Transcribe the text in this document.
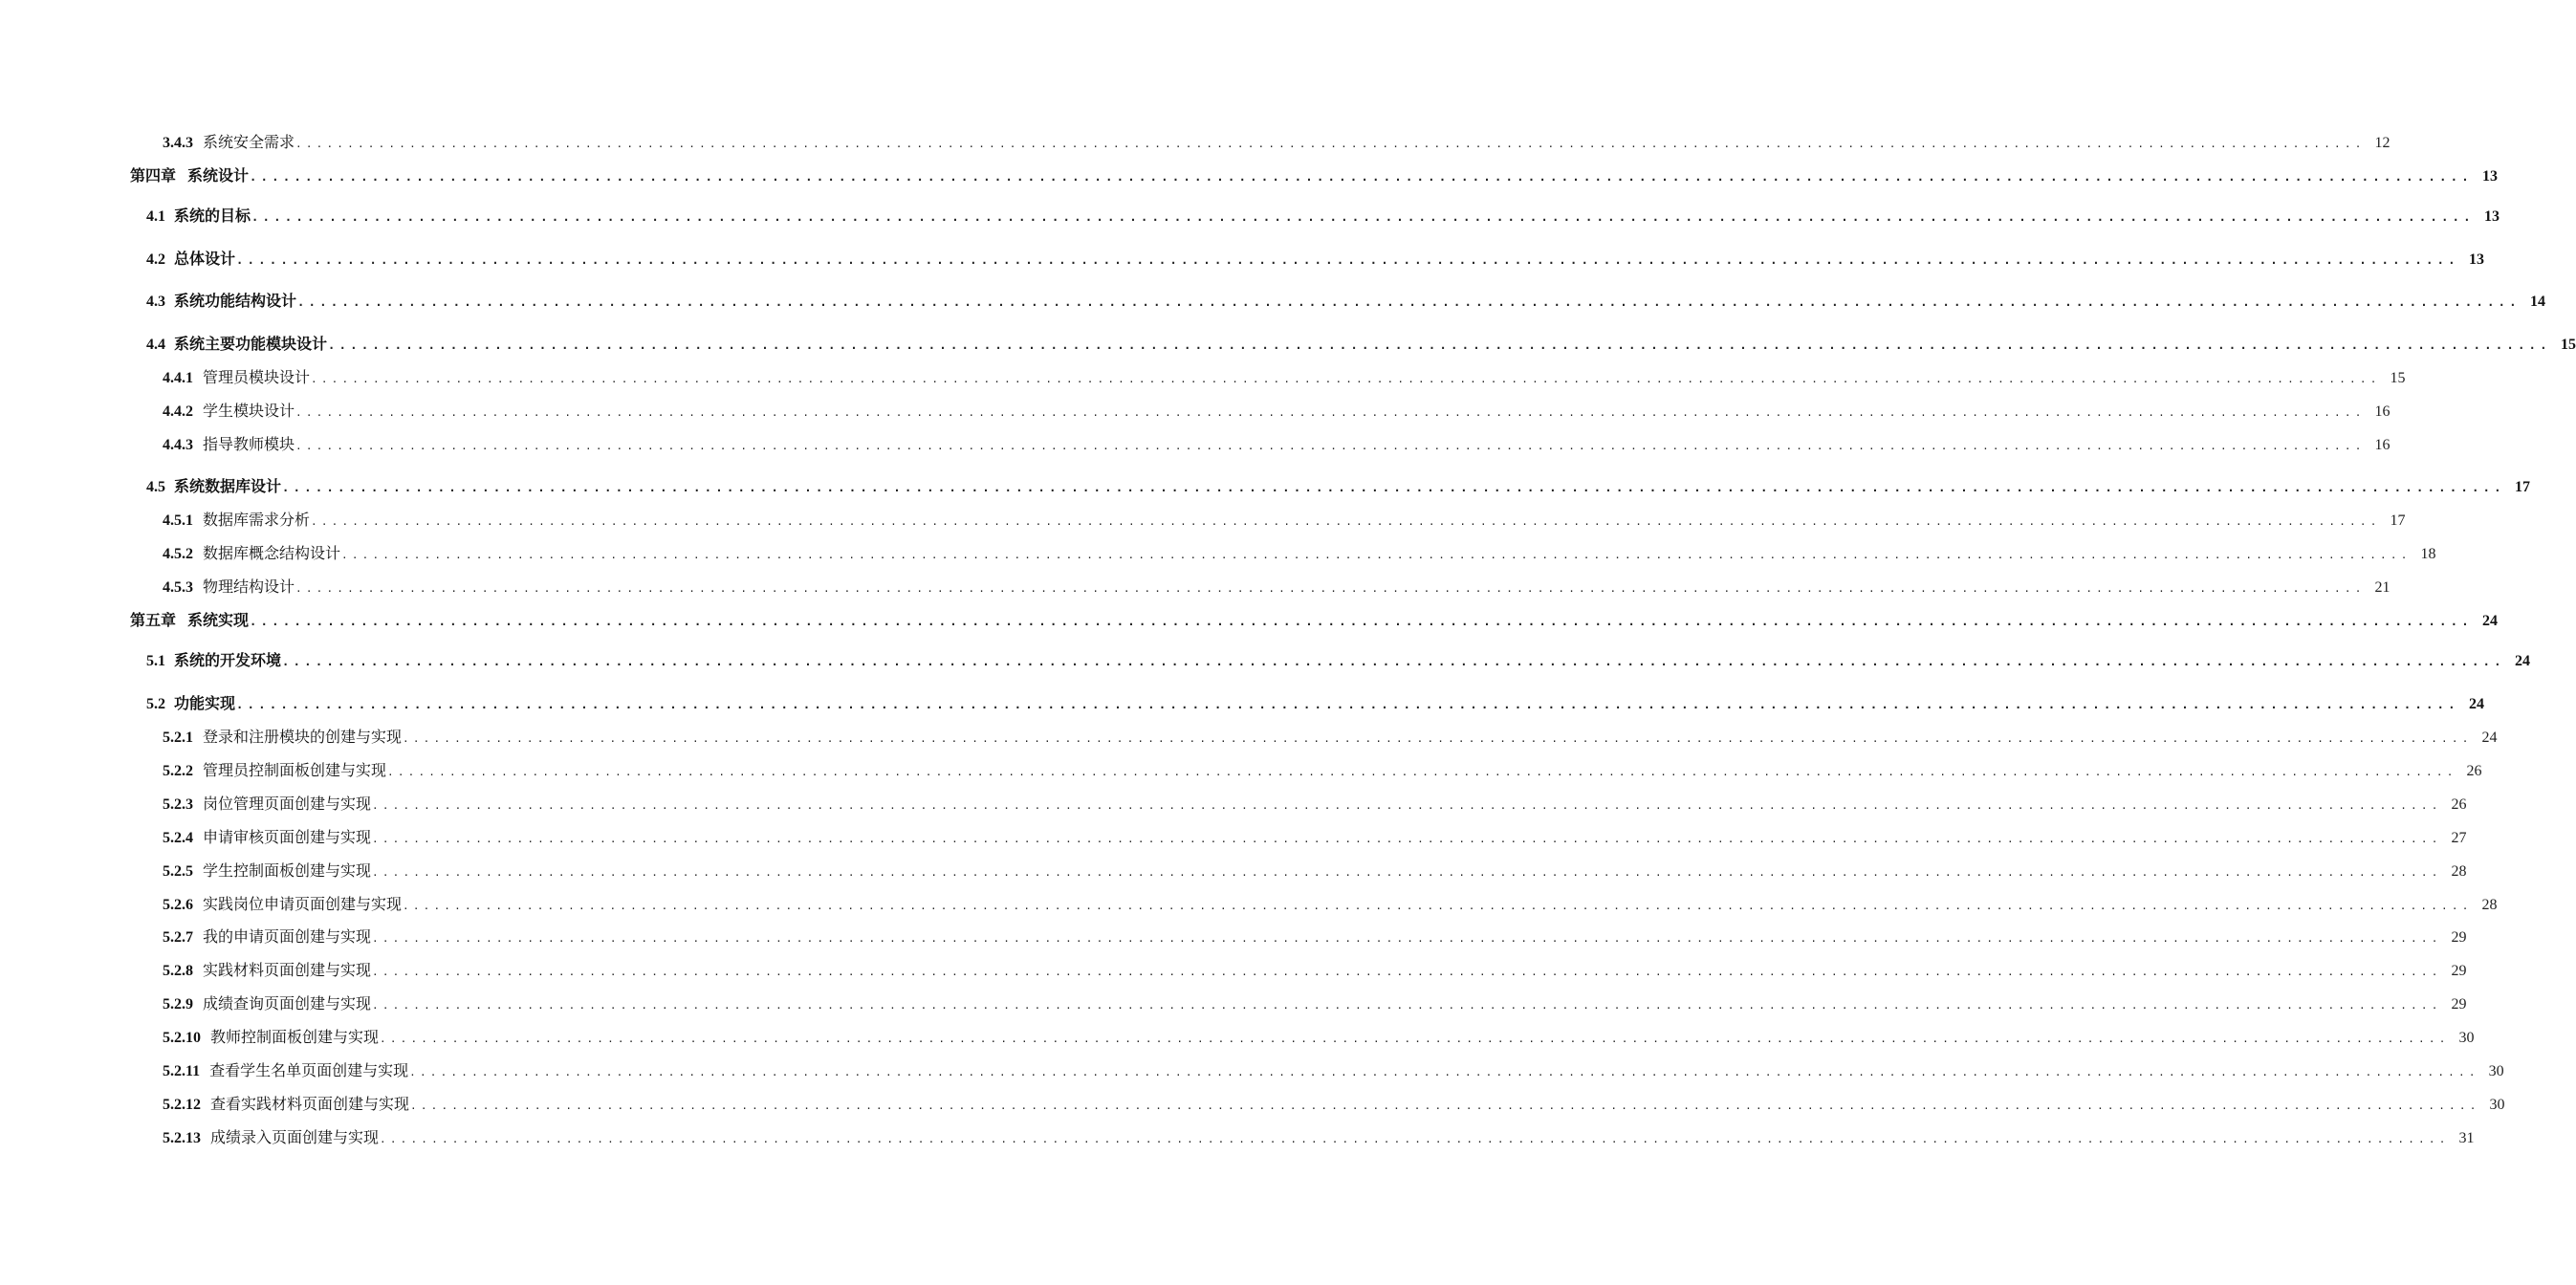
3.4.3 系统安全需求 ........................................................................................................................................................................................................ 12
第四章 系统设计 ........................................................................................................................................................................................................ 13
4.1 系统的目标 ........................................................................................................................................................................................................ 13
4.2 总体设计 ........................................................................................................................................................................................................ 13
4.3 系统功能结构设计 ........................................................................................................................................................................................................ 14
4.4 系统主要功能模块设计 ........................................................................................................................................................................................................ 15
4.4.1 管理员模块设计 ........................................................................................................................................................................................................ 15
4.4.2 学生模块设计 ........................................................................................................................................................................................................ 16
4.4.3 指导教师模块 ........................................................................................................................................................................................................ 16
4.5 系统数据库设计 ........................................................................................................................................................................................................ 17
4.5.1 数据库需求分析 ........................................................................................................................................................................................................ 17
4.5.2 数据库概念结构设计 ........................................................................................................................................................................................................ 18
4.5.3 物理结构设计 ........................................................................................................................................................................................................ 21
第五章 系统实现 ........................................................................................................................................................................................................ 24
5.1 系统的开发环境 ........................................................................................................................................................................................................ 24
5.2 功能实现 ........................................................................................................................................................................................................ 24
5.2.1 登录和注册模块的创建与实现 ........................................................................................................................................................................................................ 24
5.2.2 管理员控制面板创建与实现 ........................................................................................................................................................................................................ 26
5.2.3 岗位管理页面创建与实现 ........................................................................................................................................................................................................ 26
5.2.4 申请审核页面创建与实现 ........................................................................................................................................................................................................ 27
5.2.5 学生控制面板创建与实现 ........................................................................................................................................................................................................ 28
5.2.6 实践岗位申请页面创建与实现 ........................................................................................................................................................................................................ 28
5.2.7 我的申请页面创建与实现 ........................................................................................................................................................................................................ 29
5.2.8 实践材料页面创建与实现 ........................................................................................................................................................................................................ 29
5.2.9 成绩查询页面创建与实现 ........................................................................................................................................................................................................ 29
5.2.10 教师控制面板创建与实现 ........................................................................................................................................................................................................ 30
5.2.11 查看学生名单页面创建与实现 ........................................................................................................................................................................................................ 30
5.2.12 查看实践材料页面创建与实现 ........................................................................................................................................................................................................ 30
5.2.13 成绩录入页面创建与实现 ........................................................................................................................................................................................................ 31
